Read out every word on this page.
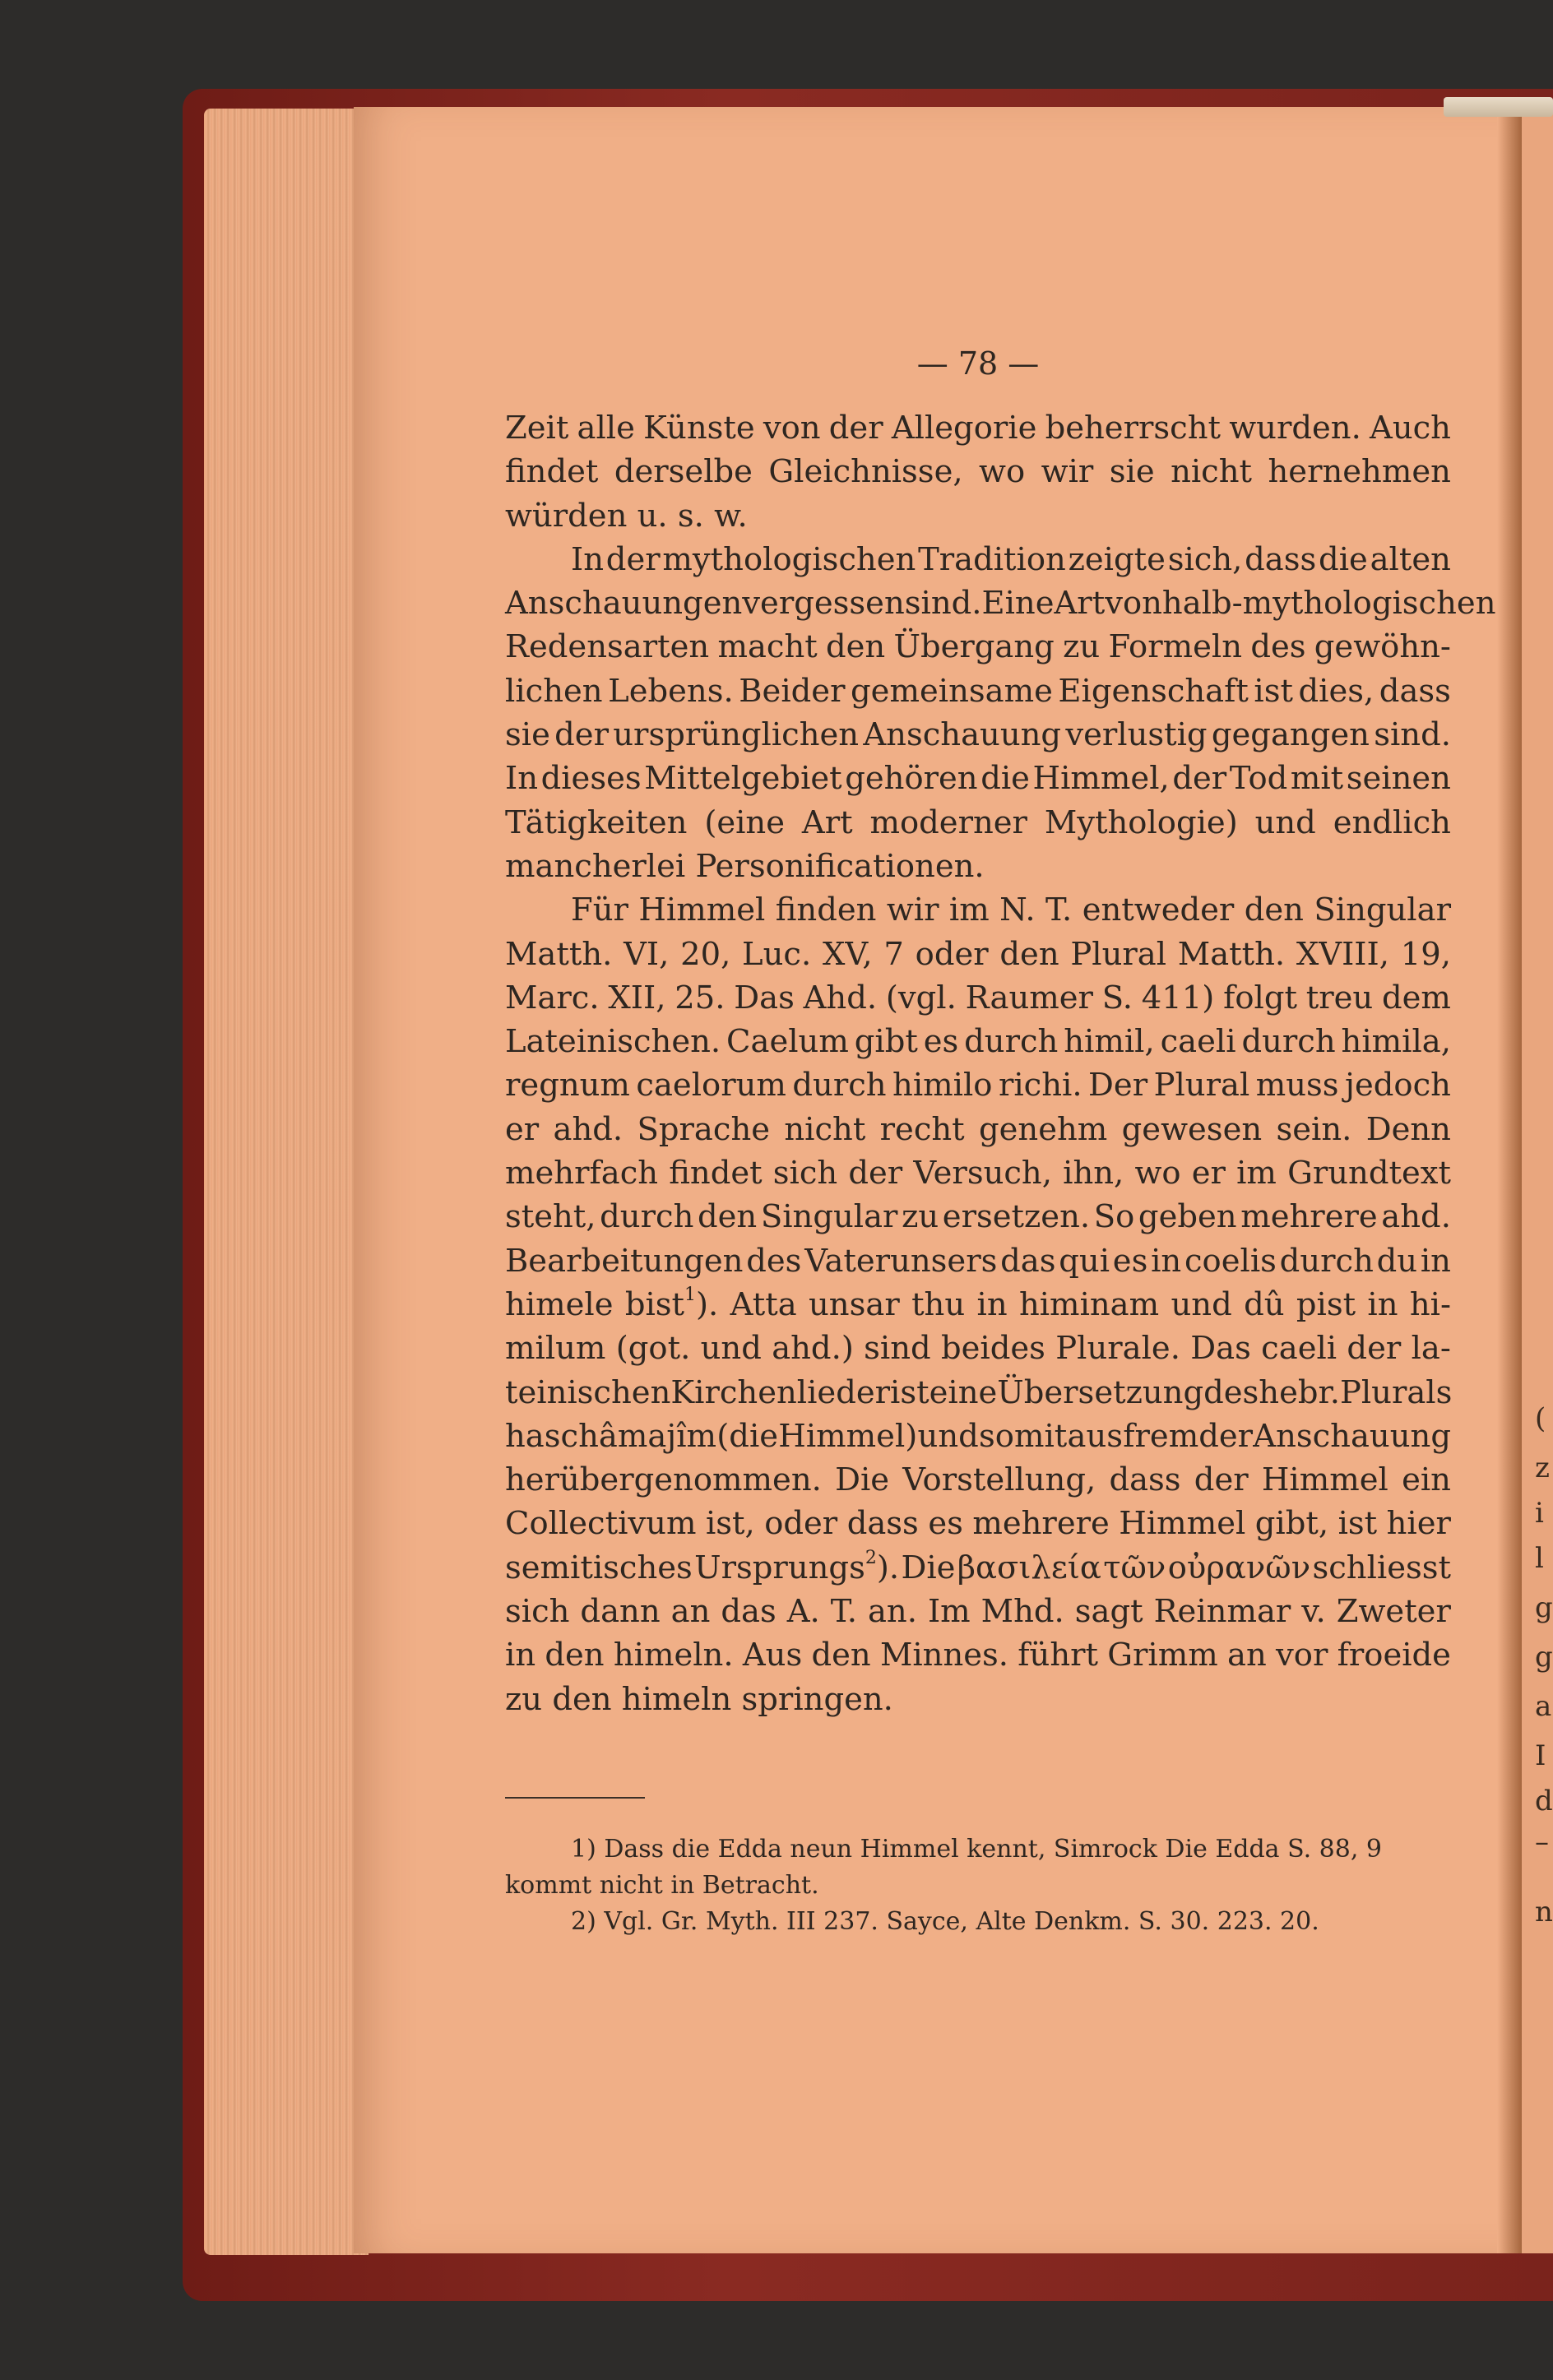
(
z
i
l
g
g
a
I
d
–
n
— 78 —
Zeit alle Künste von der Allegorie beherrscht wurden. Auch
findet derselbe Gleichnisse, wo wir sie nicht hernehmen
würden u. s. w.
In der mythologischen Tradition zeigte sich, dass die alten
Anschauungen vergessen sind. Eine Art von halb-mythologischen
Redensarten macht den Übergang zu Formeln des gewöhn-
lichen Lebens. Beider gemeinsame Eigenschaft ist dies, dass
sie der ursprünglichen Anschauung verlustig gegangen sind.
In dieses Mittelgebiet gehören die Himmel, der Tod mit seinen
Tätigkeiten (eine Art moderner Mythologie) und endlich
mancherlei Personificationen.
Für Himmel finden wir im N. T. entweder den Singular
Matth. VI, 20, Luc. XV, 7 oder den Plural Matth. XVIII, 19,
Marc. XII, 25. Das Ahd. (vgl. Raumer S. 411) folgt treu dem
Lateinischen. Caelum gibt es durch himil, caeli durch himila,
regnum caelorum durch himilo richi. Der Plural muss jedoch
er ahd. Sprache nicht recht genehm gewesen sein. Denn
mehrfach findet sich der Versuch, ihn, wo er im Grundtext
steht, durch den Singular zu ersetzen. So geben mehrere ahd.
Bearbeitungen des Vaterunsers das qui es in coelis durch du in
himele bist$^1$). Atta unsar thu in himinam und dû pist in hi-
milum (got. und ahd.) sind beides Plurale. Das caeli der la-
teinischen Kirchenlieder ist eine Übersetzung des hebr. Plurals
haschâmajîm (die Himmel) und somit aus fremder Anschauung
herübergenommen. Die Vorstellung, dass der Himmel ein
Collectivum ist, oder dass es mehrere Himmel gibt, ist hier
semitisches Ursprungs$^2$). Die βασιλεία τῶν οὐρανῶν schliesst
sich dann an das A. T. an. Im Mhd. sagt Reinmar v. Zweter
in den himeln. Aus den Minnes. führt Grimm an vor froeide
zu den himeln springen.
1) Dass die Edda neun Himmel kennt, Simrock Die Edda S. 88, 9
kommt nicht in Betracht.
2) Vgl. Gr. Myth. III 237. Sayce, Alte Denkm. S. 30. 223. 20.
